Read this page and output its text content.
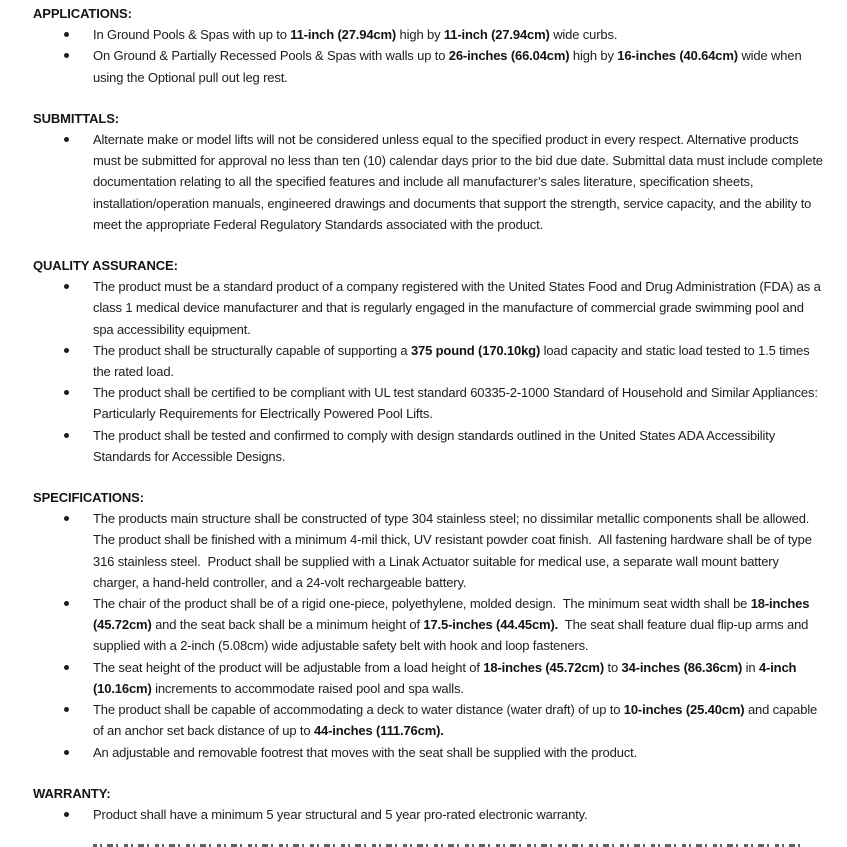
APPLICATIONS:
In Ground Pools & Spas with up to 11-inch (27.94cm) high by 11-inch (27.94cm) wide curbs.
On Ground & Partially Recessed Pools & Spas with walls up to 26-inches (66.04cm) high by 16-inches (40.64cm) wide when using the Optional pull out leg rest.
SUBMITTALS:
Alternate make or model lifts will not be considered unless equal to the specified product in every respect. Alternative products must be submitted for approval no less than ten (10) calendar days prior to the bid due date. Submittal data must include complete documentation relating to all the specified features and include all manufacturer’s sales literature, specification sheets, installation/operation manuals, engineered drawings and documents that support the strength, service capacity, and the ability to meet the appropriate Federal Regulatory Standards associated with the product.
QUALITY ASSURANCE:
The product must be a standard product of a company registered with the United States Food and Drug Administration (FDA) as a class 1 medical device manufacturer and that is regularly engaged in the manufacture of commercial grade swimming pool and spa accessibility equipment.
The product shall be structurally capable of supporting a 375 pound (170.10kg) load capacity and static load tested to 1.5 times the rated load.
The product shall be certified to be compliant with UL test standard 60335-2-1000 Standard of Household and Similar Appliances: Particularly Requirements for Electrically Powered Pool Lifts.
The product shall be tested and confirmed to comply with design standards outlined in the United States ADA Accessibility Standards for Accessible Designs.
SPECIFICATIONS:
The products main structure shall be constructed of type 304 stainless steel; no dissimilar metallic components shall be allowed.  The product shall be finished with a minimum 4-mil thick, UV resistant powder coat finish.  All fastening hardware shall be of type 316 stainless steel.  Product shall be supplied with a Linak Actuator suitable for medical use, a separate wall mount battery charger, a hand-held controller, and a 24-volt rechargeable battery.
The chair of the product shall be of a rigid one-piece, polyethylene, molded design.  The minimum seat width shall be 18-inches (45.72cm) and the seat back shall be a minimum height of 17.5-inches (44.45cm).  The seat shall feature dual flip-up arms and supplied with a 2-inch (5.08cm) wide adjustable safety belt with hook and loop fasteners.
The seat height of the product will be adjustable from a load height of 18-inches (45.72cm) to 34-inches (86.36cm) in 4-inch (10.16cm) increments to accommodate raised pool and spa walls.
The product shall be capable of accommodating a deck to water distance (water draft) of up to 10-inches (25.40cm) and capable of an anchor set back distance of up to 44-inches (111.76cm).
An adjustable and removable footrest that moves with the seat shall be supplied with the product.
WARRANTY:
Product shall have a minimum 5 year structural and 5 year pro-rated electronic warranty.
